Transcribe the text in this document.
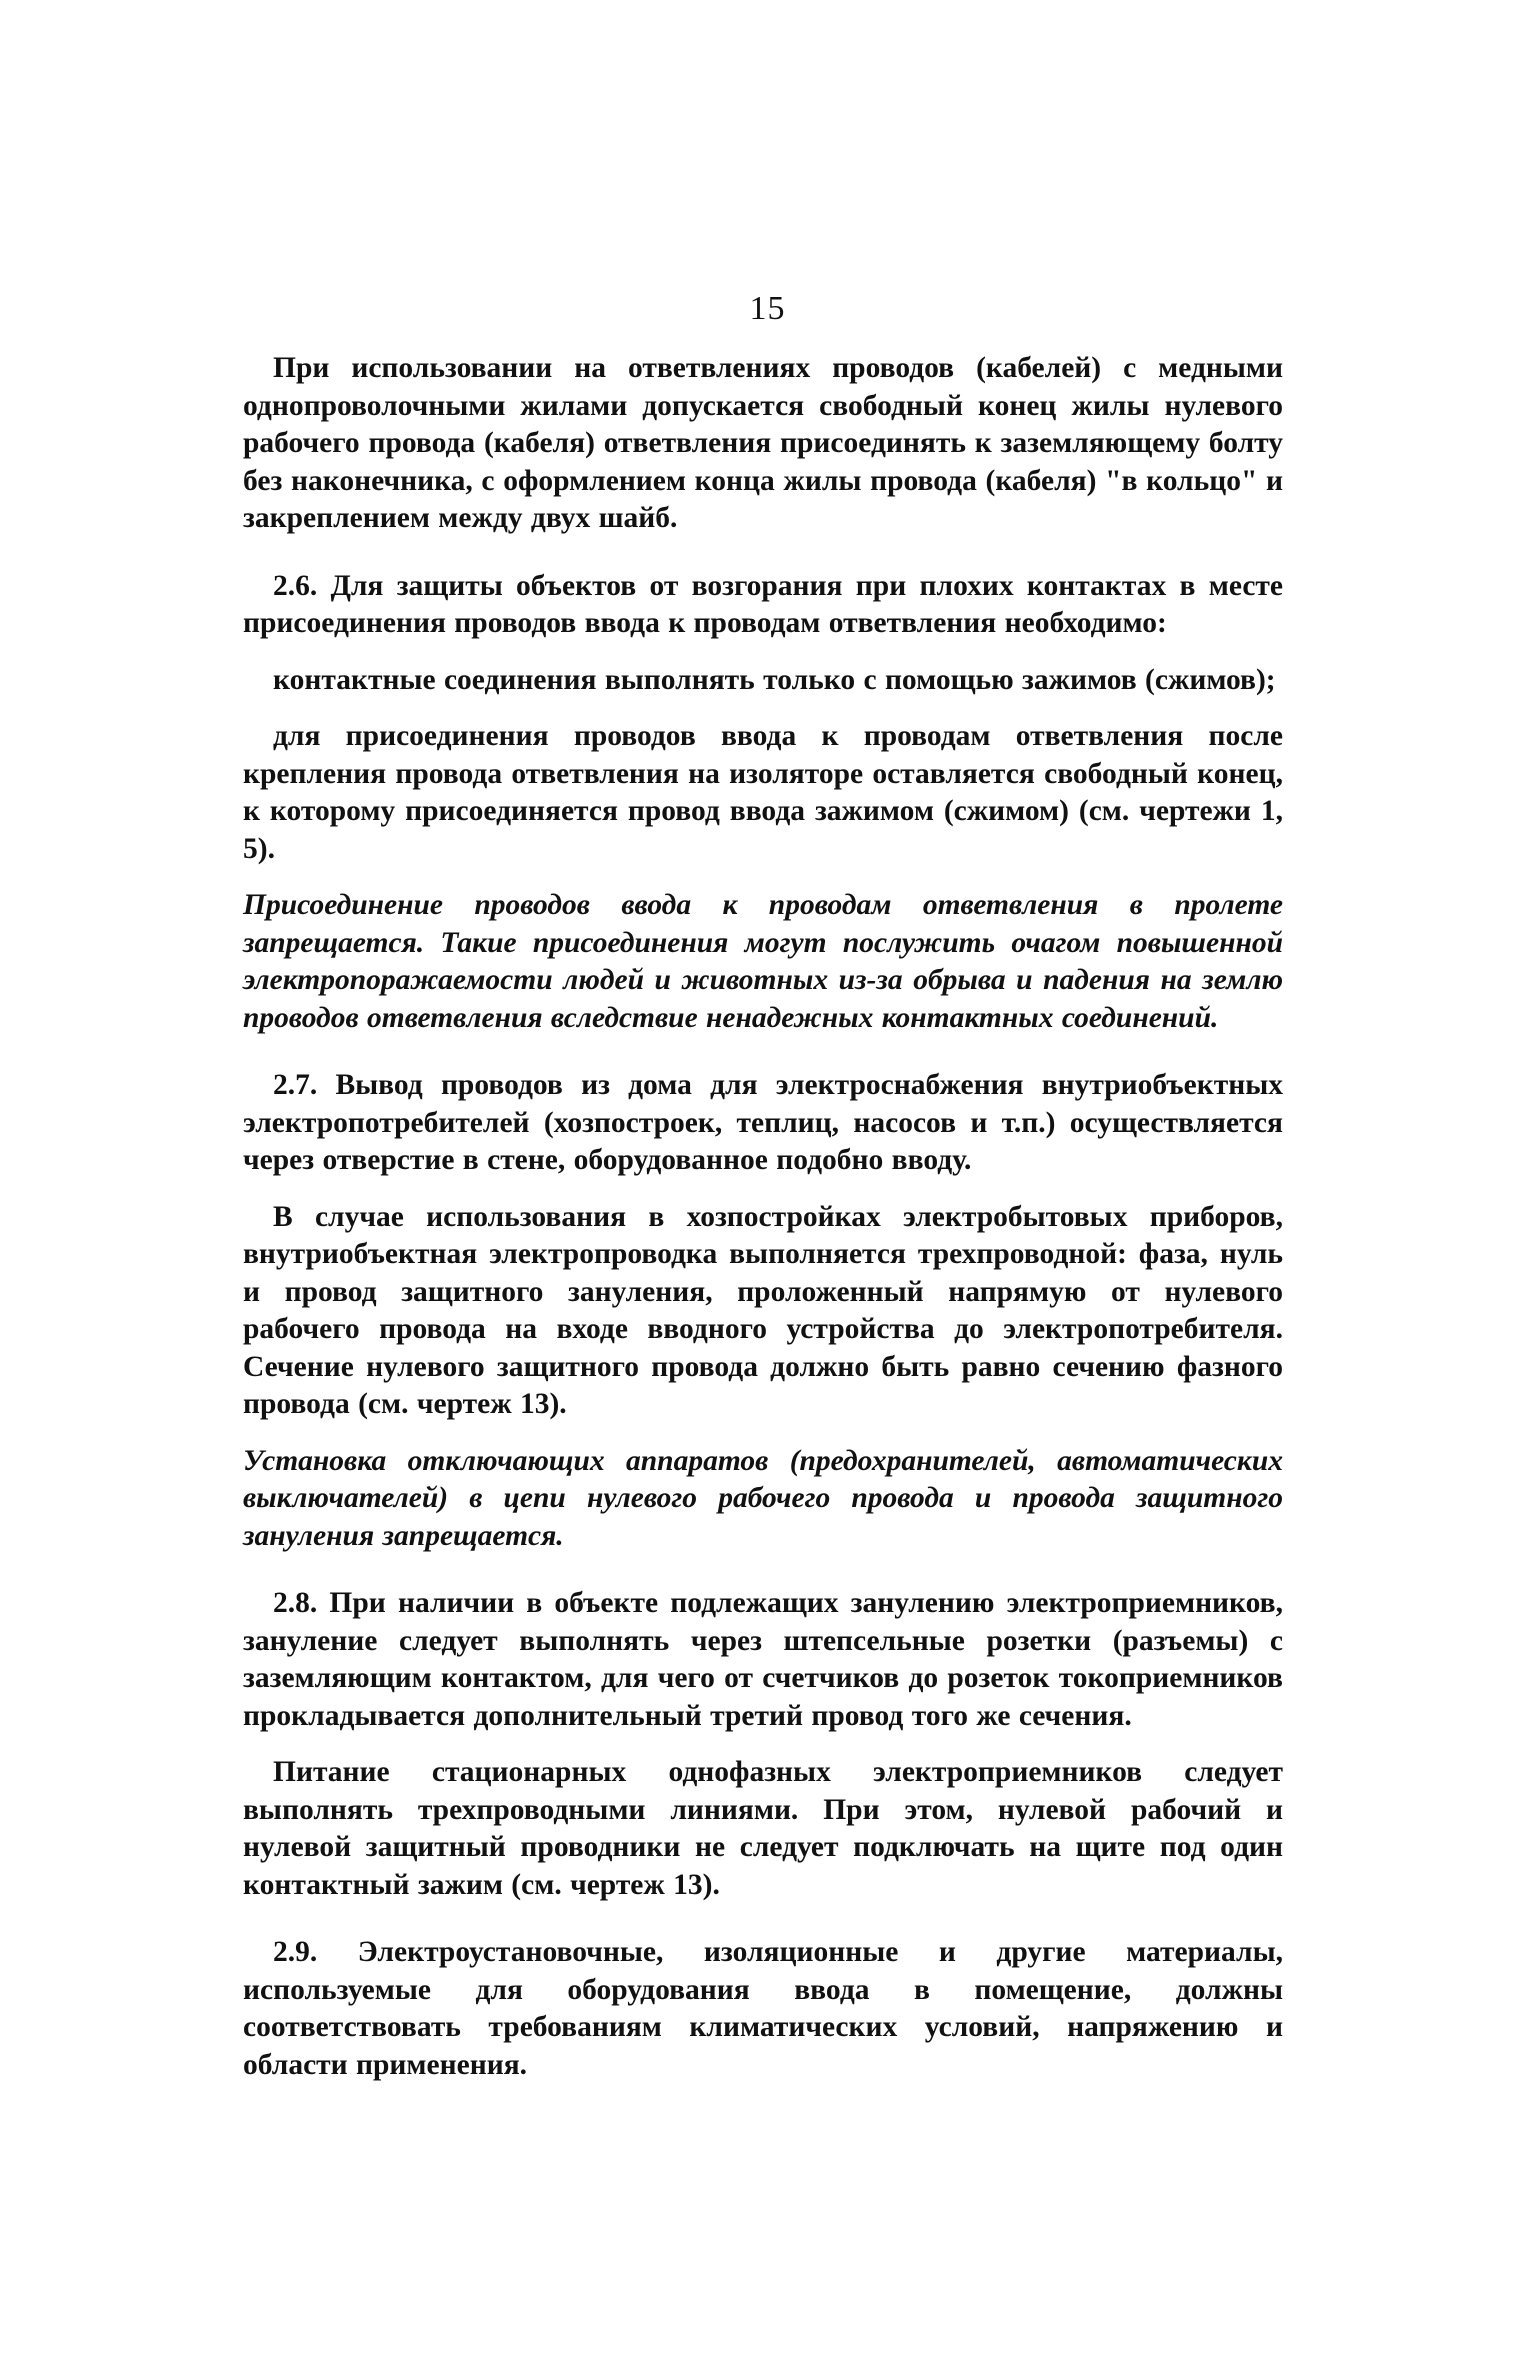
15

При использовании на ответвлениях проводов (кабелей) с медными однопроволочными жилами допускается свободный конец жилы нулевого рабочего провода (кабеля) ответвления присоединять к заземляющему болту без наконечника, с оформлением конца жилы провода (кабеля) "в кольцо" и закреплением между двух шайб.

2.6. Для защиты объектов от возгорания при плохих контактах в месте присоединения проводов ввода к проводам ответвления необходимо:

контактные соединения выполнять только с помощью зажимов (сжимов);

для присоединения проводов ввода к проводам ответвления после крепления провода ответвления на изоляторе оставляется свободный конец, к которому присоединяется провод ввода зажимом (сжимом) (см. чертежи 1, 5).

Присоединение проводов ввода к проводам ответвления в пролете запрещается. Такие присоединения могут послужить очагом повышенной электропоражаемости людей и животных из-за обрыва и падения на землю проводов ответвления вследствие ненадежных контактных соединений.

2.7. Вывод проводов из дома для электроснабжения внутриобъектных электропотребителей (хозпостроек, теплиц, насосов и т.п.) осуществляется через отверстие в стене, оборудованное подобно вводу.

В случае использования в хозпостройках электробытовых приборов, внутриобъектная электропроводка выполняется трехпроводной: фаза, нуль и провод защитного зануления, проложенный напрямую от нулевого рабочего провода на входе вводного устройства до электропотребителя. Сечение нулевого защитного провода должно быть равно сечению фазного провода (см. чертеж 13).

Установка отключающих аппаратов (предохранителей, автоматических выключателей) в цепи нулевого рабочего провода и провода защитного зануления запрещается.

2.8. При наличии в объекте подлежащих занулению электроприемников, зануление следует выполнять через штепсельные розетки (разъемы) с заземляющим контактом, для чего от счетчиков до розеток токоприемников прокладывается дополнительный третий провод того же сечения.

Питание стационарных однофазных электроприемников следует выполнять трехпроводными линиями. При этом, нулевой рабочий и нулевой защитный проводники не следует подключать на щите под один контактный зажим (см. чертеж 13).

2.9. Электроустановочные, изоляционные и другие материалы, используемые для оборудования ввода в помещение, должны соответствовать требованиям климатических условий, напряжению и области применения.
